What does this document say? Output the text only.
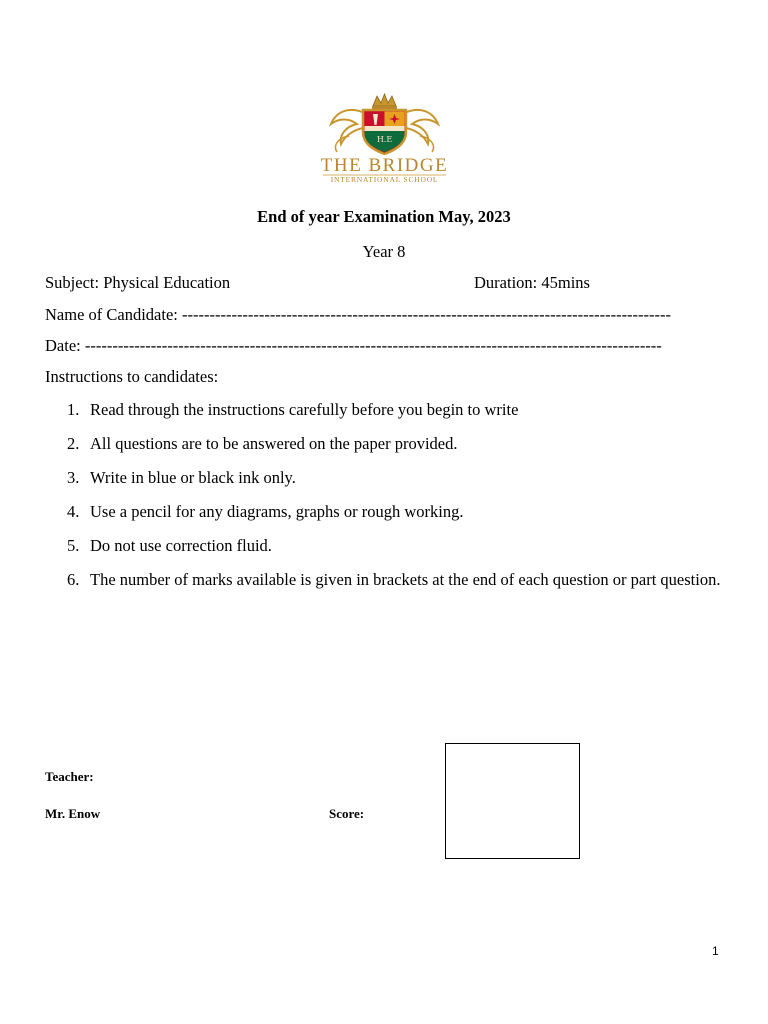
H.E
THE BRIDGE
INTERNATIONAL SCHOOL
End of year Examination May, 2023
Year 8
Subject: Physical Education	Duration: 45mins
Name of Candidate: -----------------------------------------------------------------------------------------
Date: ---------------------------------------------------------------------------------------------------------
Instructions to candidates:
1. Read through the instructions carefully before you begin to write
2. All questions are to be answered on the paper provided.
3. Write in blue or black ink only.
4. Use a pencil for any diagrams, graphs or rough working.
5. Do not use correction fluid.
6. The number of marks available is given in brackets at the end of each question or part question.
Teacher:
Mr. Enow	Score:
1
